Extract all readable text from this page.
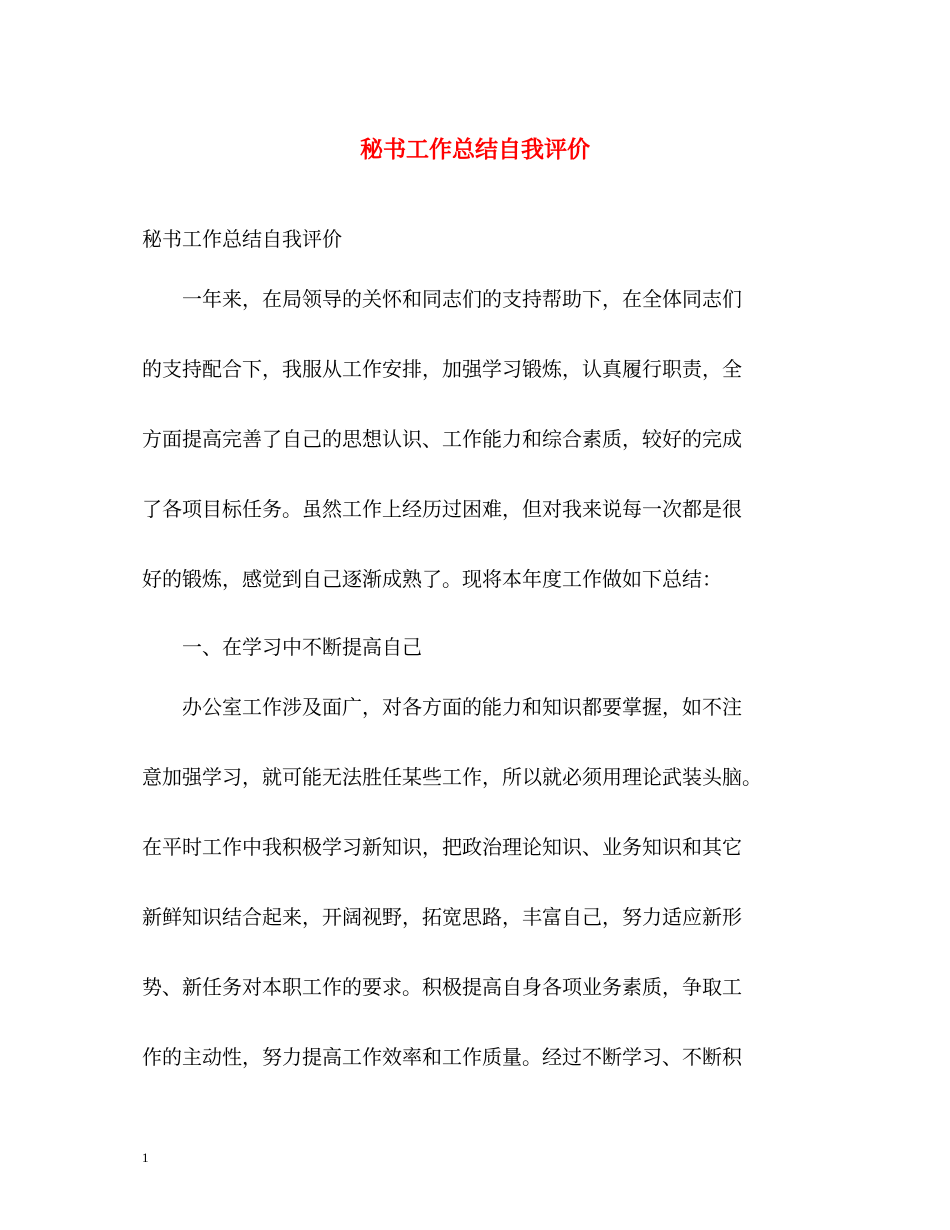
秘书工作总结自我评价
秘书工作总结自我评价
一年来，在局领导的关怀和同志们的支持帮助下，在全体同志们
的支持配合下，我服从工作安排，加强学习锻炼，认真履行职责，全
方面提高完善了自己的思想认识、工作能力和综合素质，较好的完成
了各项目标任务。虽然工作上经历过困难，但对我来说每一次都是很
好的锻炼，感觉到自己逐渐成熟了。现将本年度工作做如下总结：
一、在学习中不断提高自己
办公室工作涉及面广，对各方面的能力和知识都要掌握，如不注
意加强学习，就可能无法胜任某些工作，所以就必须用理论武装头脑。
在平时工作中我积极学习新知识，把政治理论知识、业务知识和其它
新鲜知识结合起来，开阔视野，拓宽思路，丰富自己，努力适应新形
势、新任务对本职工作的要求。积极提高自身各项业务素质，争取工
作的主动性，努力提高工作效率和工作质量。经过不断学习、不断积
1
